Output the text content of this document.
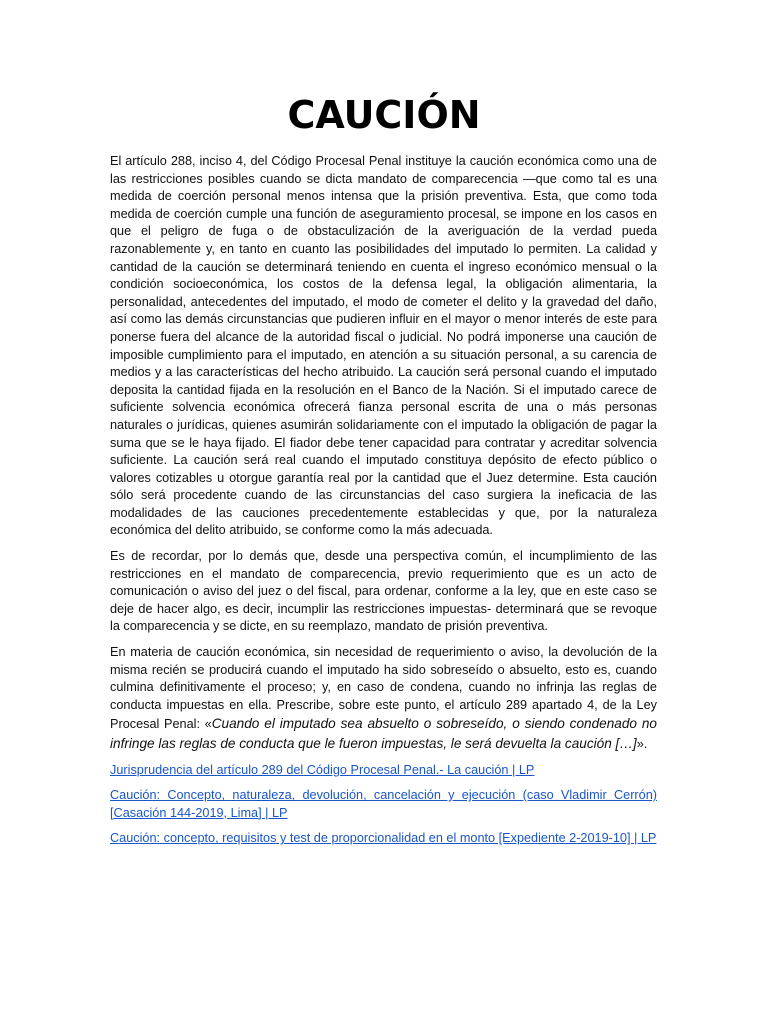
CAUCIÓN

El artículo 288, inciso 4, del Código Procesal Penal instituye la caución económica como una de las restricciones posibles cuando se dicta mandato de comparecencia —que como tal es una medida de coerción personal menos intensa que la prisión preventiva. Esta, que como toda medida de coerción cumple una función de aseguramiento procesal, se impone en los casos en que el peligro de fuga o de obstaculización de la averiguación de la verdad pueda razonablemente y, en tanto en cuanto las posibilidades del imputado lo permiten. La calidad y cantidad de la caución se determinará teniendo en cuenta el ingreso económico mensual o la condición socioeconómica, los costos de la defensa legal, la obligación alimentaria, la personalidad, antecedentes del imputado, el modo de cometer el delito y la gravedad del daño, así como las demás circunstancias que pudieren influir en el mayor o menor interés de este para ponerse fuera del alcance de la autoridad fiscal o judicial. No podrá imponerse una caución de imposible cumplimiento para el imputado, en atención a su situación personal, a su carencia de medios y a las características del hecho atribuido. La caución será personal cuando el imputado deposita la cantidad fijada en la resolución en el Banco de la Nación. Si el imputado carece de suficiente solvencia económica ofrecerá fianza personal escrita de una o más personas naturales o jurídicas, quienes asumirán solidariamente con el imputado la obligación de pagar la suma que se le haya fijado. El fiador debe tener capacidad para contratar y acreditar solvencia suficiente. La caución será real cuando el imputado constituya depósito de efecto público o valores cotizables u otorgue garantía real por la cantidad que el Juez determine. Esta caución sólo será procedente cuando de las circunstancias del caso surgiera la ineficacia de las modalidades de las cauciones precedentemente establecidas y que, por la naturaleza económica del delito atribuido, se conforme como la más adecuada.

Es de recordar, por lo demás que, desde una perspectiva común, el incumplimiento de las restricciones en el mandato de comparecencia, previo requerimiento que es un acto de comunicación o aviso del juez o del fiscal, para ordenar, conforme a la ley, que en este caso se deje de hacer algo, es decir, incumplir las restricciones impuestas- determinará que se revoque la comparecencia y se dicte, en su reemplazo, mandato de prisión preventiva.

En materia de caución económica, sin necesidad de requerimiento o aviso, la devolución de la misma recién se producirá cuando el imputado ha sido sobreseído o absuelto, esto es, cuando culmina definitivamente el proceso; y, en caso de condena, cuando no infrinja las reglas de conducta impuestas en ella. Prescribe, sobre este punto, el artículo 289 apartado 4, de la Ley Procesal Penal: «Cuando el imputado sea absuelto o sobreseído, o siendo condenado no infringe las reglas de conducta que le fueron impuestas, le será devuelta la caución […]».

Jurisprudencia del artículo 289 del Código Procesal Penal.- La caución | LP
Caución: Concepto, naturaleza, devolución, cancelación y ejecución (caso Vladimir Cerrón) [Casación 144-2019, Lima] | LP
Caución: concepto, requisitos y test de proporcionalidad en el monto [Expediente 2-2019-10] | LP
